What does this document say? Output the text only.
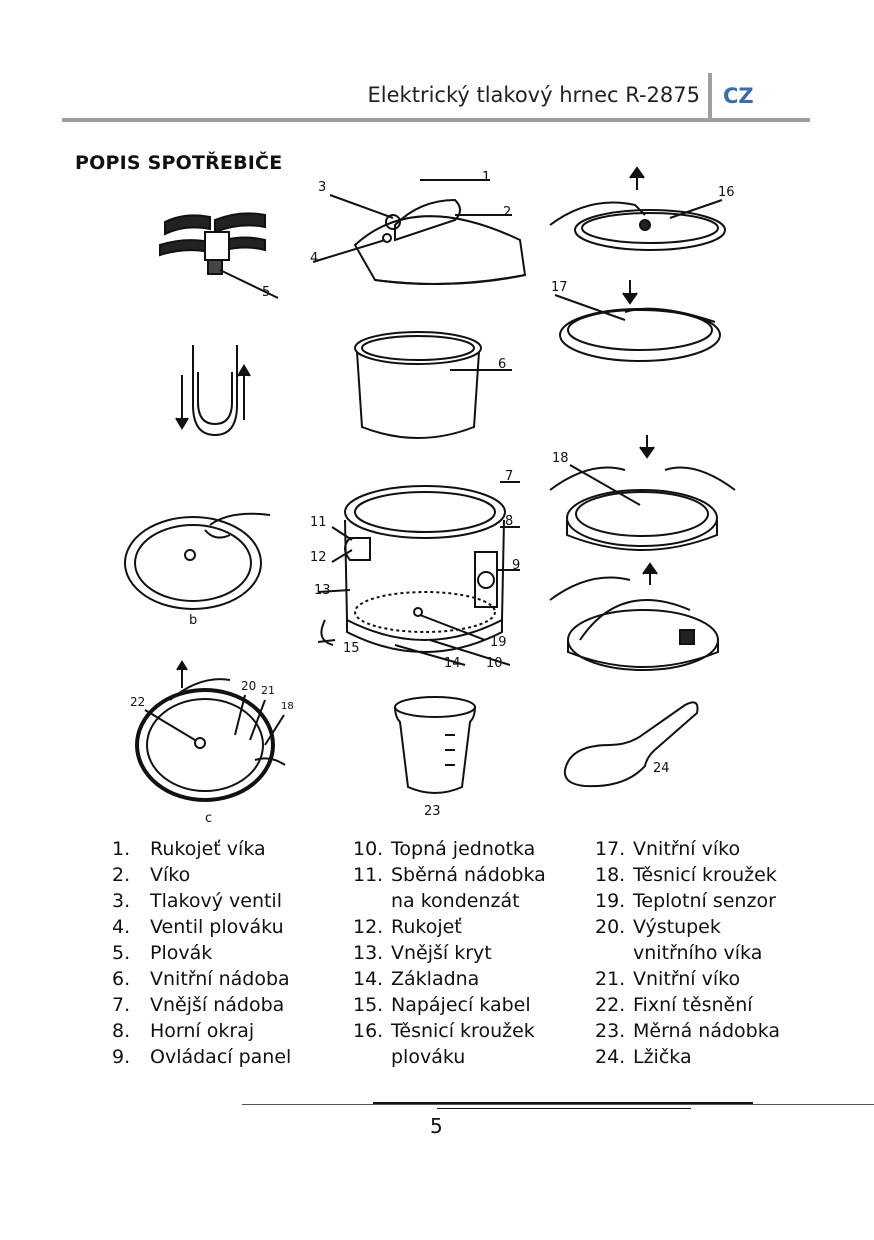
Elektrický tlakový hrnec R-2875 CZ
POPIS SPOTŘEBIČE
1
2
3
4
5
6
7
8
9
10
11
12
13
14
15
16
17
18
19
20 21
22	18
23
24
b
c
1. Rukojeť víka
2. Víko
3. Tlakový ventil
4. Ventil plováku
5. Plovák
6. Vnitřní nádoba
7. Vnější nádoba
8. Horní okraj
9. Ovládací panel
10. Topná jednotka
11. Sběrná nádobka na kondenzát
12. Rukojeť
13. Vnější kryt
14. Základna
15. Napájecí kabel
16. Těsnicí kroužek plováku
17. Vnitřní víko
18. Těsnicí kroužek
19. Teplotní senzor
20. Výstupek vnitřního víka
21. Vnitřní víko
22. Fixní těsnění
23. Měrná nádobka
24. Lžička
5
